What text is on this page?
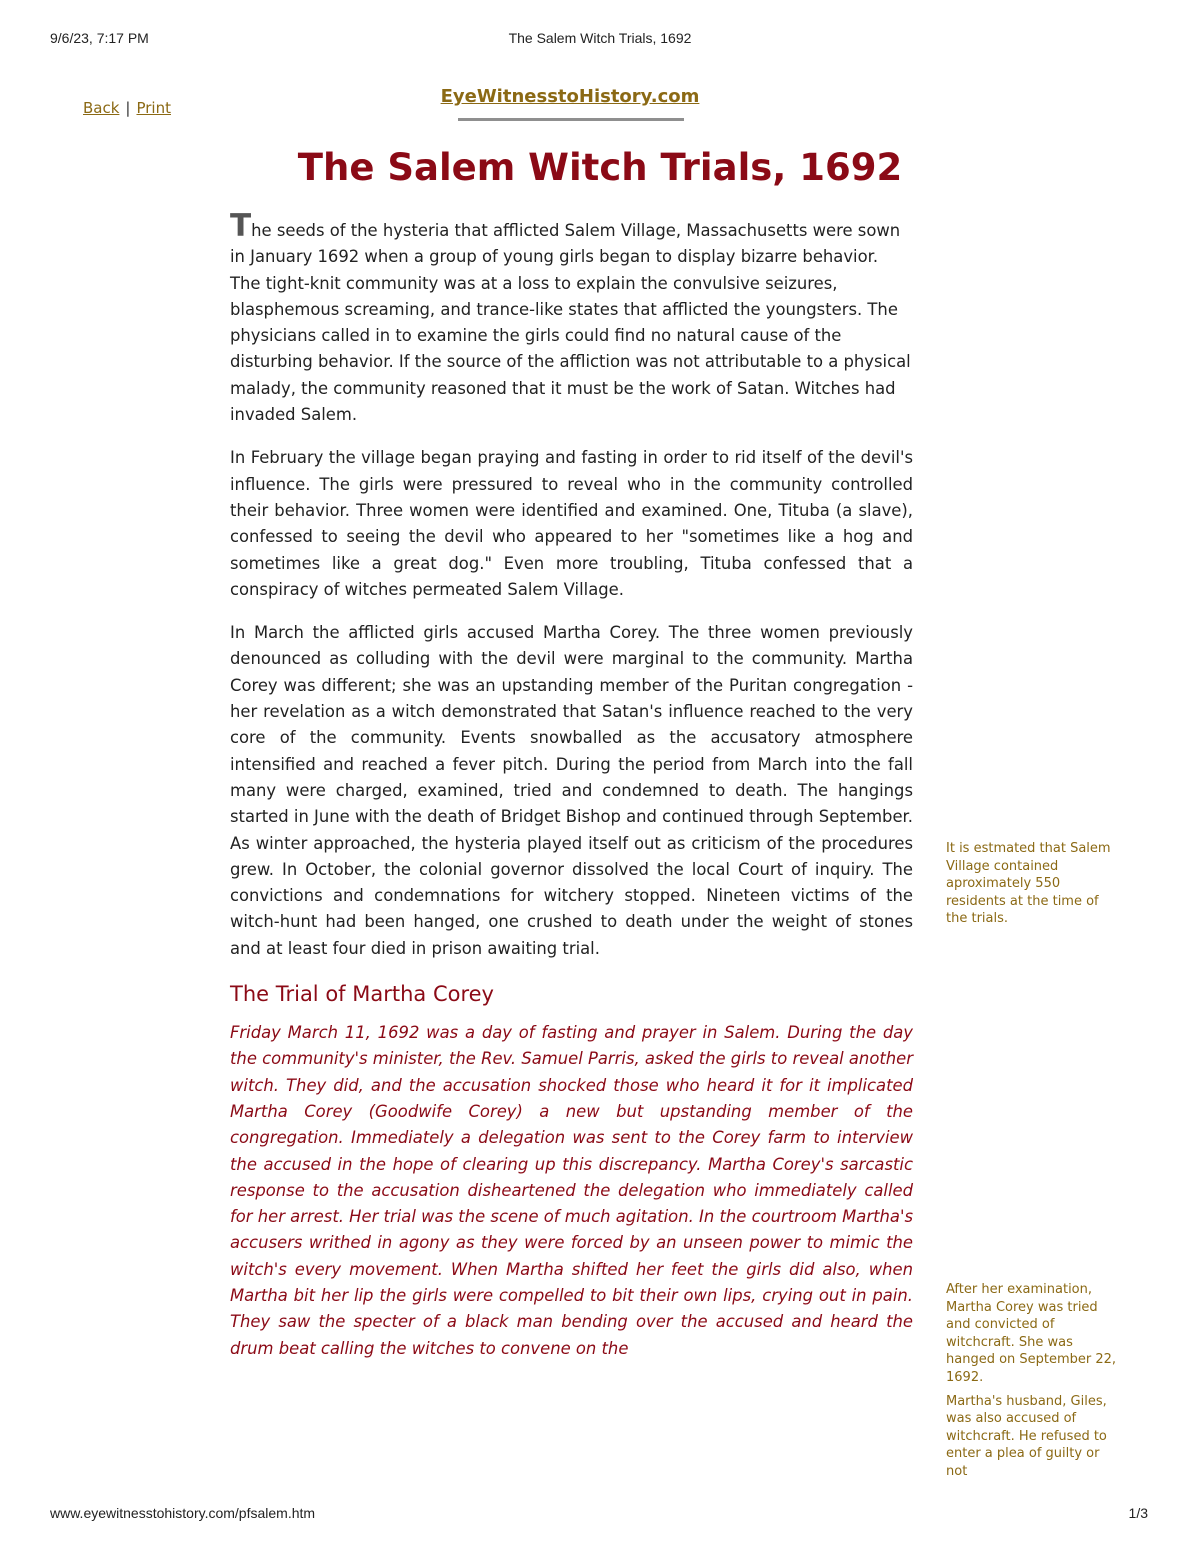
9/6/23, 7:17 PM	The Salem Witch Trials, 1692
Back | Print
EyeWitnesstoHistory.com
The Salem Witch Trials, 1692

The seeds of the hysteria that afflicted Salem Village, Massachusetts were sown in January 1692 when a group of young girls began to display bizarre behavior. The tight-knit community was at a loss to explain the convulsive seizures, blasphemous screaming, and trance-like states that afflicted the youngsters. The physicians called in to examine the girls could find no natural cause of the disturbing behavior. If the source of the affliction was not attributable to a physical malady, the community reasoned that it must be the work of Satan. Witches had invaded Salem.

In February the village began praying and fasting in order to rid itself of the devil's influence. The girls were pressured to reveal who in the community controlled their behavior. Three women were identified and examined. One, Tituba (a slave), confessed to seeing the devil who appeared to her "sometimes like a hog and sometimes like a great dog." Even more troubling, Tituba confessed that a conspiracy of witches permeated Salem Village.

In March the afflicted girls accused Martha Corey. The three women previously denounced as colluding with the devil were marginal to the community. Martha Corey was different; she was an upstanding member of the Puritan congregation - her revelation as a witch demonstrated that Satan's influence reached to the very core of the community. Events snowballed as the accusatory atmosphere intensified and reached a fever pitch. During the period from March into the fall many were charged, examined, tried and condemned to death. The hangings started in June with the death of Bridget Bishop and continued through September. As winter approached, the hysteria played itself out as criticism of the procedures grew. In October, the colonial governor dissolved the local Court of inquiry. The convictions and condemnations for witchery stopped. Nineteen victims of the witch-hunt had been hanged, one crushed to death under the weight of stones and at least four died in prison awaiting trial.

The Trial of Martha Corey

Friday March 11, 1692 was a day of fasting and prayer in Salem. During the day the community's minister, the Rev. Samuel Parris, asked the girls to reveal another witch. They did, and the accusation shocked those who heard it for it implicated Martha Corey (Goodwife Corey) a new but upstanding member of the congregation. Immediately a delegation was sent to the Corey farm to interview the accused in the hope of clearing up this discrepancy. Martha Corey's sarcastic response to the accusation disheartened the delegation who immediately called for her arrest. Her trial was the scene of much agitation. In the courtroom Martha's accusers writhed in agony as they were forced by an unseen power to mimic the witch's every movement. When Martha shifted her feet the girls did also, when Martha bit her lip the girls were compelled to bit their own lips, crying out in pain. They saw the specter of a black man bending over the accused and heard the drum beat calling the witches to convene on the

It is estmated that Salem Village contained aproximately 550 residents at the time of the trials.

After her examination, Martha Corey was tried and convicted of witchcraft. She was hanged on September 22, 1692.

Martha's husband, Giles, was also accused of witchcraft. He refused to enter a plea of guilty or not

www.eyewitnesstohistory.com/pfsalem.htm	1/3
